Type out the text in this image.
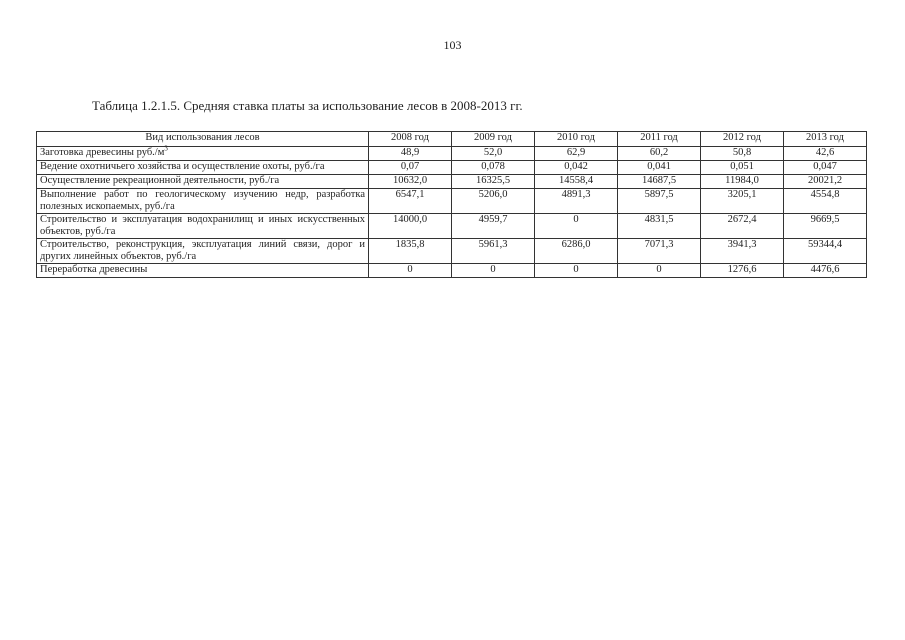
103
Таблица 1.2.1.5. Средняя ставка платы за использование лесов в 2008-2013 гг.
Вид использования лесов	2008 год	2009 год	2010 год	2011 год	2012 год	2013 год
Заготовка древесины $руб./м^3$	48,9	52,0	62,9	60,2	50,8	42,6
Ведение охотничьего хозяйства и осуществление охоты, руб./га	0,07	0,078	0,042	0,041	0,051	0,047
Осуществление рекреационной деятельности, руб./га	10632,0	16325,5	14558,4	14687,5	11984,0	20021,2
Выполнение работ по геологическому изучению недр, разработка полезных ископаемых, руб./га	6547,1	5206,0	4891,3	5897,5	3205,1	4554,8
Строительство и эксплуатация водохранилищ и иных искусственных объектов, руб./га	14000,0	4959,7	0	4831,5	2672,4	9669,5
Строительство, реконструкция, эксплуатация линий связи, дорог и других линейных объектов, руб./га	1835,8	5961,3	6286,0	7071,3	3941,3	59344,4
Переработка древесины	0	0	0	0	1276,6	4476,6
